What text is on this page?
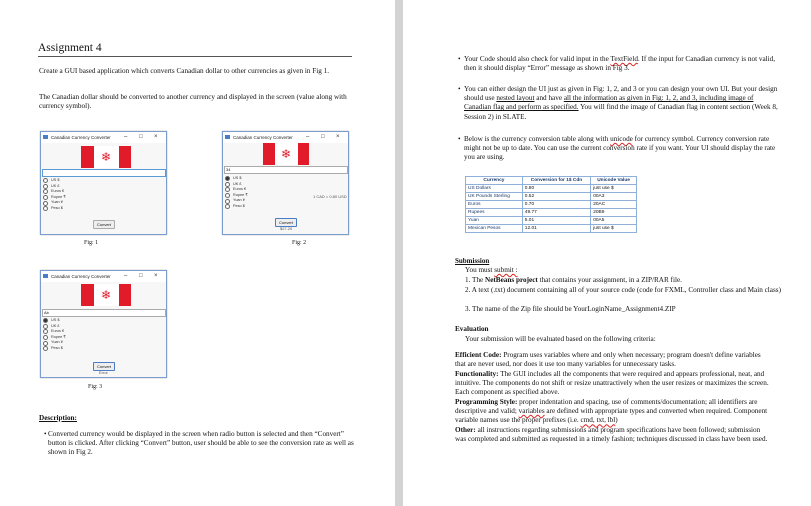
Assignment 4
Create a GUI based application which converts Canadian dollar to other currencies as given in Fig 1.
The Canadian dollar should be converted to another currency and displayed in the screen (value along with currency symbol).
Canadian Currency Converter – □ ×
❄
US $
UK £
Euros €
Rupee ₹
Yuan ¥
Peso $
Convert
Fig: 1
Canadian Currency Converter – □ ×
❄
34
US $
UK £
Euros €
Rupee ₹
Yuan ¥
Peso $
1 CAD = 0.80 USD
Convert
$27.20
Fig: 2
Canadian Currency Converter – □ ×
❄
Ab
US $
UK £
Euros €
Rupee ₹
Yuan ¥
Peso $
Convert
Error
Fig: 3
Description:
• Converted currency would be displayed in the screen when radio button is selected and then “Convert” button is clicked. After clicking “Convert” button, user should be able to see the conversion rate as well as shown in Fig 2.
• Your Code should also check for valid input in the TextField. If the input for Canadian currency is not valid, then it should display “Error” message as shown in Fig 3.
• You can either design the UI just as given in Fig: 1, 2, and 3 or you can design your own UI. But your design should use nested layout and have all the information as given in Fig: 1, 2, and 3, including image of Canadian flag and perform as specified. You will find the image of Canadian flag in content section (Week 8, Session 2) in SLATE.
• Below is the currency conversion table along with unicode for currency symbol. Currency conversion rate might not be up to date. You can use the current conversion rate if you want. Your UI should display the rate you are using.
Currency	Conversion for 1$ Cdn	Unicode Value
US Dollars	0.80	just use $
UK Pounds Sterling	0.52	00A3
Euros	0.70	20AC
Rupees	49.77	20B9
Yuan	5.01	00A5
Mexican Pesos	12.01	just use $
Submission
You must submit :
1. The NetBeans project that contains your assignment, in a ZIP/RAR file.
2. A text (.txt) document containing all of your source code (code for FXML, Controller class and Main class)
3. The name of the Zip file should be YourLoginName_Assignment4.ZIP
Evaluation
Your submission will be evaluated based on the following criteria:
Efficient Code: Program uses variables where and only when necessary; program doesn't define variables that are never used, nor does it use too many variables for unnecessary tasks.
Functionality: The GUI includes all the components that were required and appears professional, neat, and intuitive. The components do not shift or resize unattractively when the user resizes or maximizes the screen. Each component as specified above.
Programming Style: proper indentation and spacing, use of comments/documentation; all identifiers are descriptive and valid; variables are defined with appropriate types and converted when required. Component variable names use the proper prefixes (i.e. cmd, txt, lbl)
Other: all instructions regarding submissions and program specifications have been followed; submission was completed and submitted as requested in a timely fashion; techniques discussed in class have been used.
